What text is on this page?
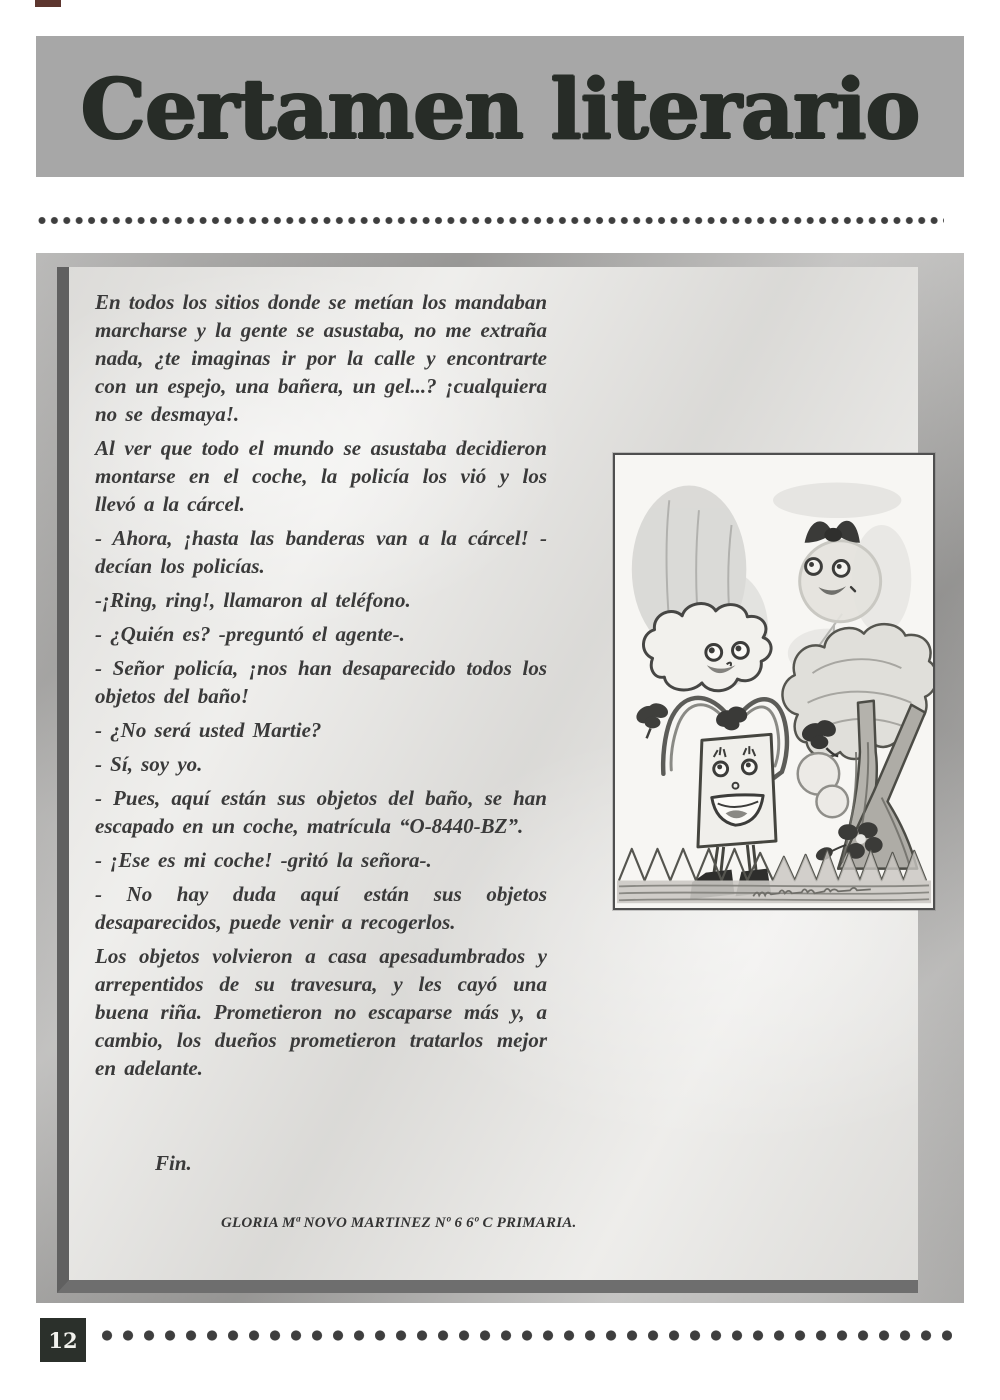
Certamen literario

En todos los sitios donde se metían los mandaban marcharse y la gente se asustaba, no me extraña nada, ¿te imaginas ir por la calle y encontrarte con un espejo, una bañera, un gel...? ¡cualquiera no se desmaya!.

Al ver que todo el mundo se asustaba decidieron montarse en el coche, la policía los vió y los llevó a la cárcel.

- Ahora, ¡hasta las banderas van a la cárcel! -decían los policías.

-¡Ring, ring!, llamaron al teléfono.

- ¿Quién es? -preguntó el agente-.

- Señor policía, ¡nos han desaparecido todos los objetos del baño!

- ¿No será usted Martie?

- Sí, soy yo.

- Pues, aquí están sus objetos del baño, se han escapado en un coche, matrícula “O-8440-BZ”.

- ¡Ese es mi coche! -gritó la señora-.

- No hay duda aquí están sus objetos desaparecidos, puede venir a recogerlos.

Los objetos volvieron a casa apesadumbrados y arrepentidos de su travesura, y les cayó una buena riña. Prometieron no escaparse más y, a cambio, los dueños prometieron tratarlos mejor en adelante.

Fin.

GLORIA Mª NOVO MARTINEZ Nº 6 6º C PRIMARIA.

12
